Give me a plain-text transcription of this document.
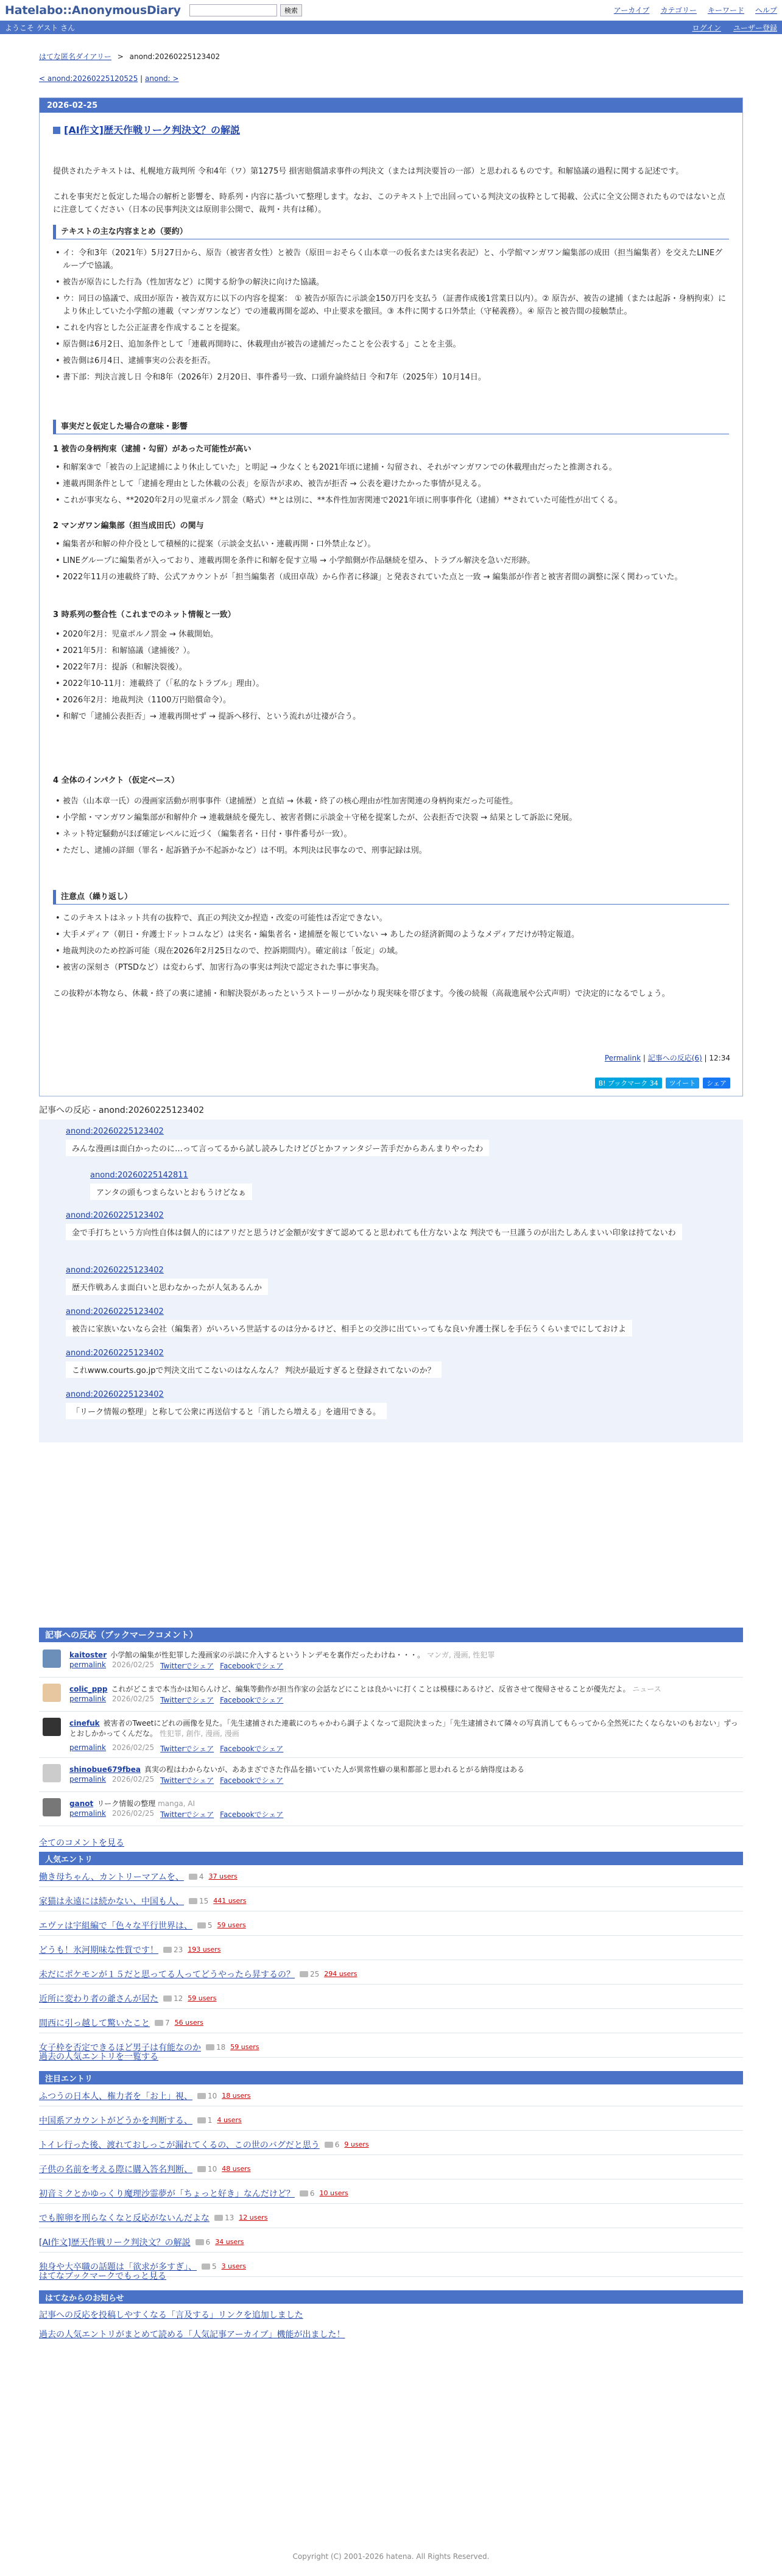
Hatelabo::AnonymousDiary	検索	アーカイブ カテゴリー キーワード ヘルプ
ようこそ ゲスト さん	ログイン ユーザー登録
はてな匿名ダイアリー > anond:20260225123402
< anond:20260225120525 | anond: >
2026-02-25
[AI作文]歴天作戦リーク判決文？の解説
提供されたテキストは、札幌地方裁判所 令和4年（ワ）第1275号 損害賠償請求事件の判決文（または判決要旨の一部）と思われるものです。和解協議の過程に関する記述です。
これを事実だと仮定した場合の解析と影響を、時系列・内容に基づいて整理します。なお、このテキスト上で出回っている判決文の抜粋として掲載、公式に全文公開されたものではないと点に注意してください（日本の民事判決文は原則非公開で、裁判・共有は稀）。
テキストの主な内容まとめ（要約）
• イ：令和3年（2021年）5月27日から、原告（被害者女性）と被告（原田＝おそらく山本章一の仮名または実名表記）と、小学館マンガワン編集部の成田（担当編集者）を交えたLINEグループで協議。
• 被告が原告にした行為（性加害など）に関する紛争の解決に向けた協議。
• ウ：同日の協議で、成田が原告・被告双方に以下の内容を提案： ① 被告が原告に示談金150万円を支払う（証書作成後1営業日以内）。② 原告が、被告の逮捕（または起訴・身柄拘束）により休止していた小学館の連載（マンガワンなど）での連載再開を認め、中止要求を撤回。③ 本件に関する口外禁止（守秘義務）。④ 原告と被告間の接触禁止。
• これを内容とした公正証書を作成することを提案。
• 原告側は6月2日、追加条件として「連載再開時に、休載理由が被告の逮捕だったことを公表する」ことを主張。
• 被告側は6月4日、逮捕事実の公表を拒否。
• 書下部：判決言渡し日 令和8年（2026年）2月20日、事件番号一致、口頭弁論終結日 令和7年（2025年）10月14日。
事実だと仮定した場合の意味・影響
1 被告の身柄拘束（逮捕・勾留）があった可能性が高い
• 和解案③で「被告の上記逮捕により休止していた」と明記 → 少なくとも2021年頃に逮捕・勾留され、それがマンガワンでの休載理由だったと推測される。
• 連載再開条件として「逮捕を理由とした休載の公表」を原告が求め、被告が拒否 → 公表を避けたかった事情が見える。
• これが事実なら、**2020年2月の児童ポルノ罰金（略式）**とは別に、**本件性加害関連で2021年頃に刑事事件化（逮捕）**されていた可能性が出てくる。
2 マンガワン編集部（担当成田氏）の関与
• 編集者が和解の仲介役として積極的に提案（示談金支払い・連載再開・口外禁止など）。
• LINEグループに編集者が入っており、連載再開を条件に和解を促す立場 → 小学館側が作品継続を望み、トラブル解決を急いだ形跡。
• 2022年11月の連載終了時、公式アカウントが「担当編集者（成田卓哉）から作者に移譲」と発表されていた点と一致 → 編集部が作者と被害者間の調整に深く関わっていた。
3 時系列の整合性（これまでのネット情報と一致）
• 2020年2月：児童ポルノ罰金 → 休載開始。
• 2021年5月：和解協議（逮捕後？）。
• 2022年7月：提訴（和解決裂後）。
• 2022年10-11月：連載終了（「私的なトラブル」理由）。
• 2026年2月：地裁判決（1100万円賠償命令）。
• 和解で「逮捕公表拒否」→ 連載再開せず → 提訴へ移行、という流れが辻褄が合う。
4 全体のインパクト（仮定ベース）
• 被告（山本章一氏）の漫画家活動が刑事事件（逮捕歴）と直結 → 休載・終了の核心理由が性加害関連の身柄拘束だった可能性。
• 小学館・マンガワン編集部が和解仲介 → 連載継続を優先し、被害者側に示談金＋守秘を提案したが、公表拒否で決裂 → 結果として訴訟に発展。
• ネット特定騒動がほぼ確定レベルに近づく（編集者名・日付・事件番号が一致）。
• ただし、逮捕の詳細（罪名・起訴猶予か不起訴かなど）は不明。本判決は民事なので、刑事記録は別。
注意点（繰り返し）
• このテキストはネット共有の抜粋で、真正の判決文か捏造・改変の可能性は否定できない。
• 大手メディア（朝日・弁護士ドットコムなど）は実名・編集者名・逮捕歴を報じていない → あしたの経済新聞のようなメディアだけが特定報道。
• 地裁判決のため控訴可能（現在2026年2月25日なので、控訴期間内）。確定前は「仮定」の域。
• 被害の深刻さ（PTSDなど）は変わらず、加害行為の事実は判決で認定された事に事実為。
この抜粋が本物なら、休載・終了の裏に逮捕・和解決裂があったというストーリーがかなり現実味を帯びます。今後の続報（高裁進展や公式声明）で決定的になるでしょう。
Permalink | 記事への反応(6) | 12:34
B! ブックマーク 34	ツイート	シェア
記事への反応 - anond:20260225123402
anond:20260225123402
みんな漫画は面白かったのに…って言ってるから試し読みしたけどびとかファンタジー苦手だからあんまりやったわ
anond:20260225142811
アンタの頭もつまらないとおもうけどなぁ
anond:20260225123402
金で手打ちという方向性自体は個人的にはアリだと思うけど金額が安すぎて認めてると思われても仕方ないよな 判決でも一旦謹うのが出たしあんまいい印象は持てないわ
anond:20260225123402
歴天作戦あんま面白いと思わなかったが人気あるんか
anond:20260225123402
被告に家族いないなら会社（編集者）がいろいろ世話するのは分かるけど、相手との交渉に出ていってもな良い弁護士探しを手伝うくらいまでにしておけよ
anond:20260225123402
これwww.courts.go.jpで判決文出てこないのはなんなん？ 判決が最近すぎると登録されてないのか？
anond:20260225123402
「リーク情報の整理」と称して公衆に再送信すると「消したら増える」を適用できる。
記事への反応（ブックマークコメント）
kaitoster 小学館の編集が性犯罪した漫画家の示談に介入するというトンデモを裏作だったわけね・・・。 マンガ, 漫画, 性犯罪
permalink 2026/02/25 Twitterでシェア Facebookでシェア
colic_ppp これがどこまで本当かは知らんけど、編集等動作が担当作家の会話などにことは良かいに打くことは模様にあるけど、反省させて復帰させることが優先だよ。 ニュース
permalink 2026/02/25 Twitterでシェア Facebookでシェア
cinefuk 被害者のTweetにどれの画像を見た。「先生逮捕された連載にのちゃかわら調子よくなって退院決まった」「先生逮捕されて隣々の写真消してもらってから全然死にたくならないのもおない」ずっとおしかかってくんだな。 性犯罪, 創作, 漫画, 漫画
permalink 2026/02/25 Twitterでシェア Facebookでシェア
shinobue679fbea 真実の程はわからないが、ああまざでさた作品を描いていた人が異常性癖の巣和都部と思われるとがる納得度はある
permalink 2026/02/25 Twitterでシェア Facebookでシェア
ganot リーク情報の整理 manga, AI
permalink 2026/02/25 Twitterでシェア Facebookでシェア
全てのコメントを見る
人気エントリ
働き母ちゃん、カントリーマアムを、 4 37 users
家猫は永遠には続かない、中国も人、 15 441 users
エヴァは宇組編で「色々な平行世界は、 5 59 users
どうも！氷河期味な性質です！ 23 193 users
未だにポケモンが１５だと思ってる人ってどうやったら昇するの？ 25 294 users
近所に変わり者の爺さんが居た 12 59 users
間西に引っ越して驚いたこと 7 56 users
女子枠を否定できるほど男子は有能なのか 18 59 users
過去の人気エントリを一覧する
注目エントリ
ふつうの日本人、権力者を「お上」視、 10 18 users
中国系アカウントがどうかを判断する、 1 4 users
トイレ行った後、渡れておしっこが漏れてくるの、この世のバグだと思う 6 9 users
子供の名前を考える際に購入答名判断、 10 48 users
初音ミクとかゆっくり魔理沙霊夢が「ちょっと好き」なんだけど？ 6 10 users
でも膣卵を刑らなくなと反応がないんだよな 13 12 users
[AI作文]歴天作戦リーク判決文？の解説 6 34 users
独身や大卒職の話題は「欲求が多すぎ」、 5 3 users
はてなブックマークでもっと見る
はてなからのお知らせ
記事への反応を投稿しやすくなる「言及する」リンクを追加しました
過去の人気エントリがまとめて読める「人気記事アーカイブ」機能が出ました！
Copyright (C) 2001-2026 hatena. All Rights Reserved.
